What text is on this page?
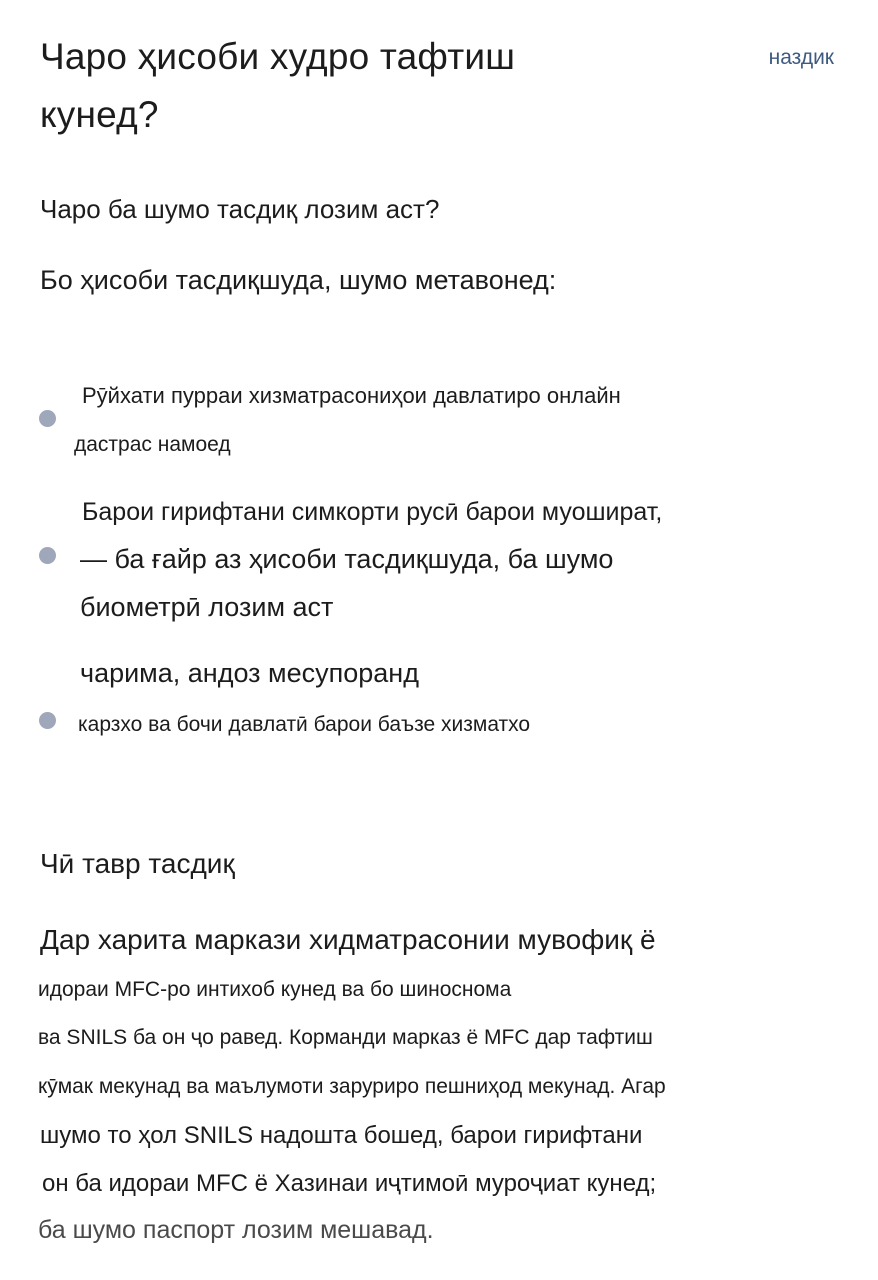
Чаро ҳисоби худро тафтиш
кунед?
наздик
Чаро ба шумо тасдиқ лозим аст?
Бо ҳисоби тасдиқшуда, шумо метавонед:
Рӯйхати пурраи хизматрасониҳои давлатиро онлайн
дастрас намоед
Барои гирифтани симкорти русӣ барои муошират,
— ба ғайр аз ҳисоби тасдиқшуда, ба шумо
биометрӣ лозим аст
чарима, андоз месупоранд
карзхо ва бочи давлатӣ барои баъзе хизматхо
Чӣ тавр тасдиқ
Дар харита маркази хидматрасонии мувофиқ ё
идораи MFC-ро интихоб кунед ва бо шиносномa
ва SNILS ба он ҷо равед. Корманди марказ ё MFC дар тафтиш
кӯмак мекунад ва маълумоти заруриро пешниҳод мекунад. Агар
шумо то ҳол SNILS надошта бошед, барои гирифтани
он ба идораи MFC ё Хазинаи иҷтимоӣ муроҷиат кунед;
ба шумо паспорт лозим мешавад.
